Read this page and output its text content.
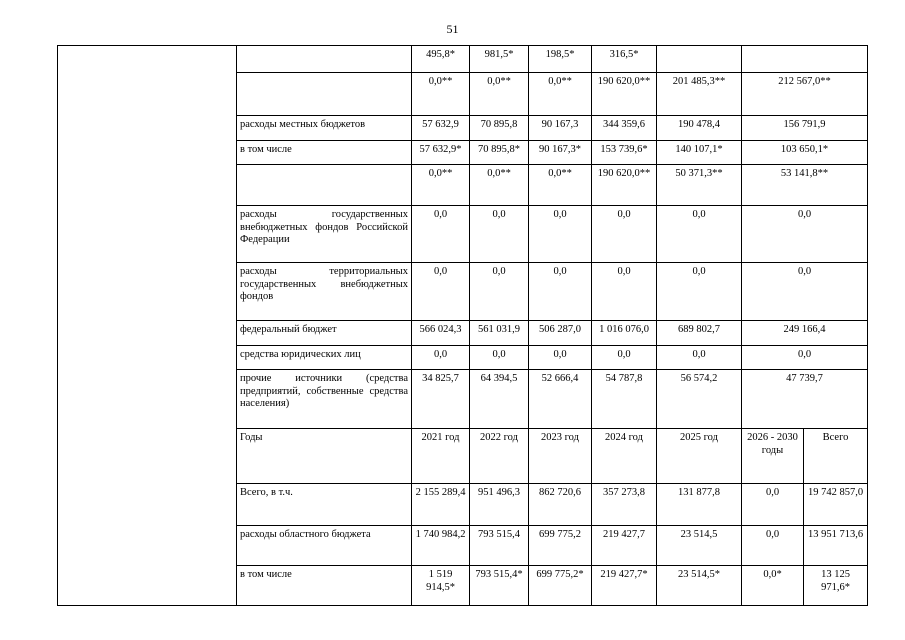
51
		495,8*	981,5*	198,5*	316,5*			
		0,0**	0,0**	0,0**	190 620,0**	201 485,3**	212 567,0**	
	расходы местных бюджетов	57 632,9	70 895,8	90 167,3	344 359,6	190 478,4	156 791,9	
	в том числе	57 632,9*	70 895,8*	90 167,3*	153 739,6*	140 107,1*	103 650,1*	
		0,0**	0,0**	0,0**	190 620,0**	50 371,3**	53 141,8**	
	расходы государственных внебюджетных фондов Российской Федерации	0,0	0,0	0,0	0,0	0,0	0,0	
	расходы территориальных государственных внебюджетных фондов	0,0	0,0	0,0	0,0	0,0	0,0	
	федеральный бюджет	566 024,3	561 031,9	506 287,0	1 016 076,0	689 802,7	249 166,4	
	средства юридических лиц	0,0	0,0	0,0	0,0	0,0	0,0	
	прочие источники (средства предприятий, собственные средства населения)	34 825,7	64 394,5	52 666,4	54 787,8	56 574,2	47 739,7	
	Годы	2021 год	2022 год	2023 год	2024 год	2025 год	2026 - 2030 годы	Всего
	Всего, в т.ч.	2 155 289,4	951 496,3	862 720,6	357 273,8	131 877,8	0,0	19 742 857,0
	расходы областного бюджета	1 740 984,2	793 515,4	699 775,2	219 427,7	23 514,5	0,0	13 951 713,6
	в том числе	1 519 914,5*	793 515,4*	699 775,2*	219 427,7*	23 514,5*	0,0*	13 125 971,6*
